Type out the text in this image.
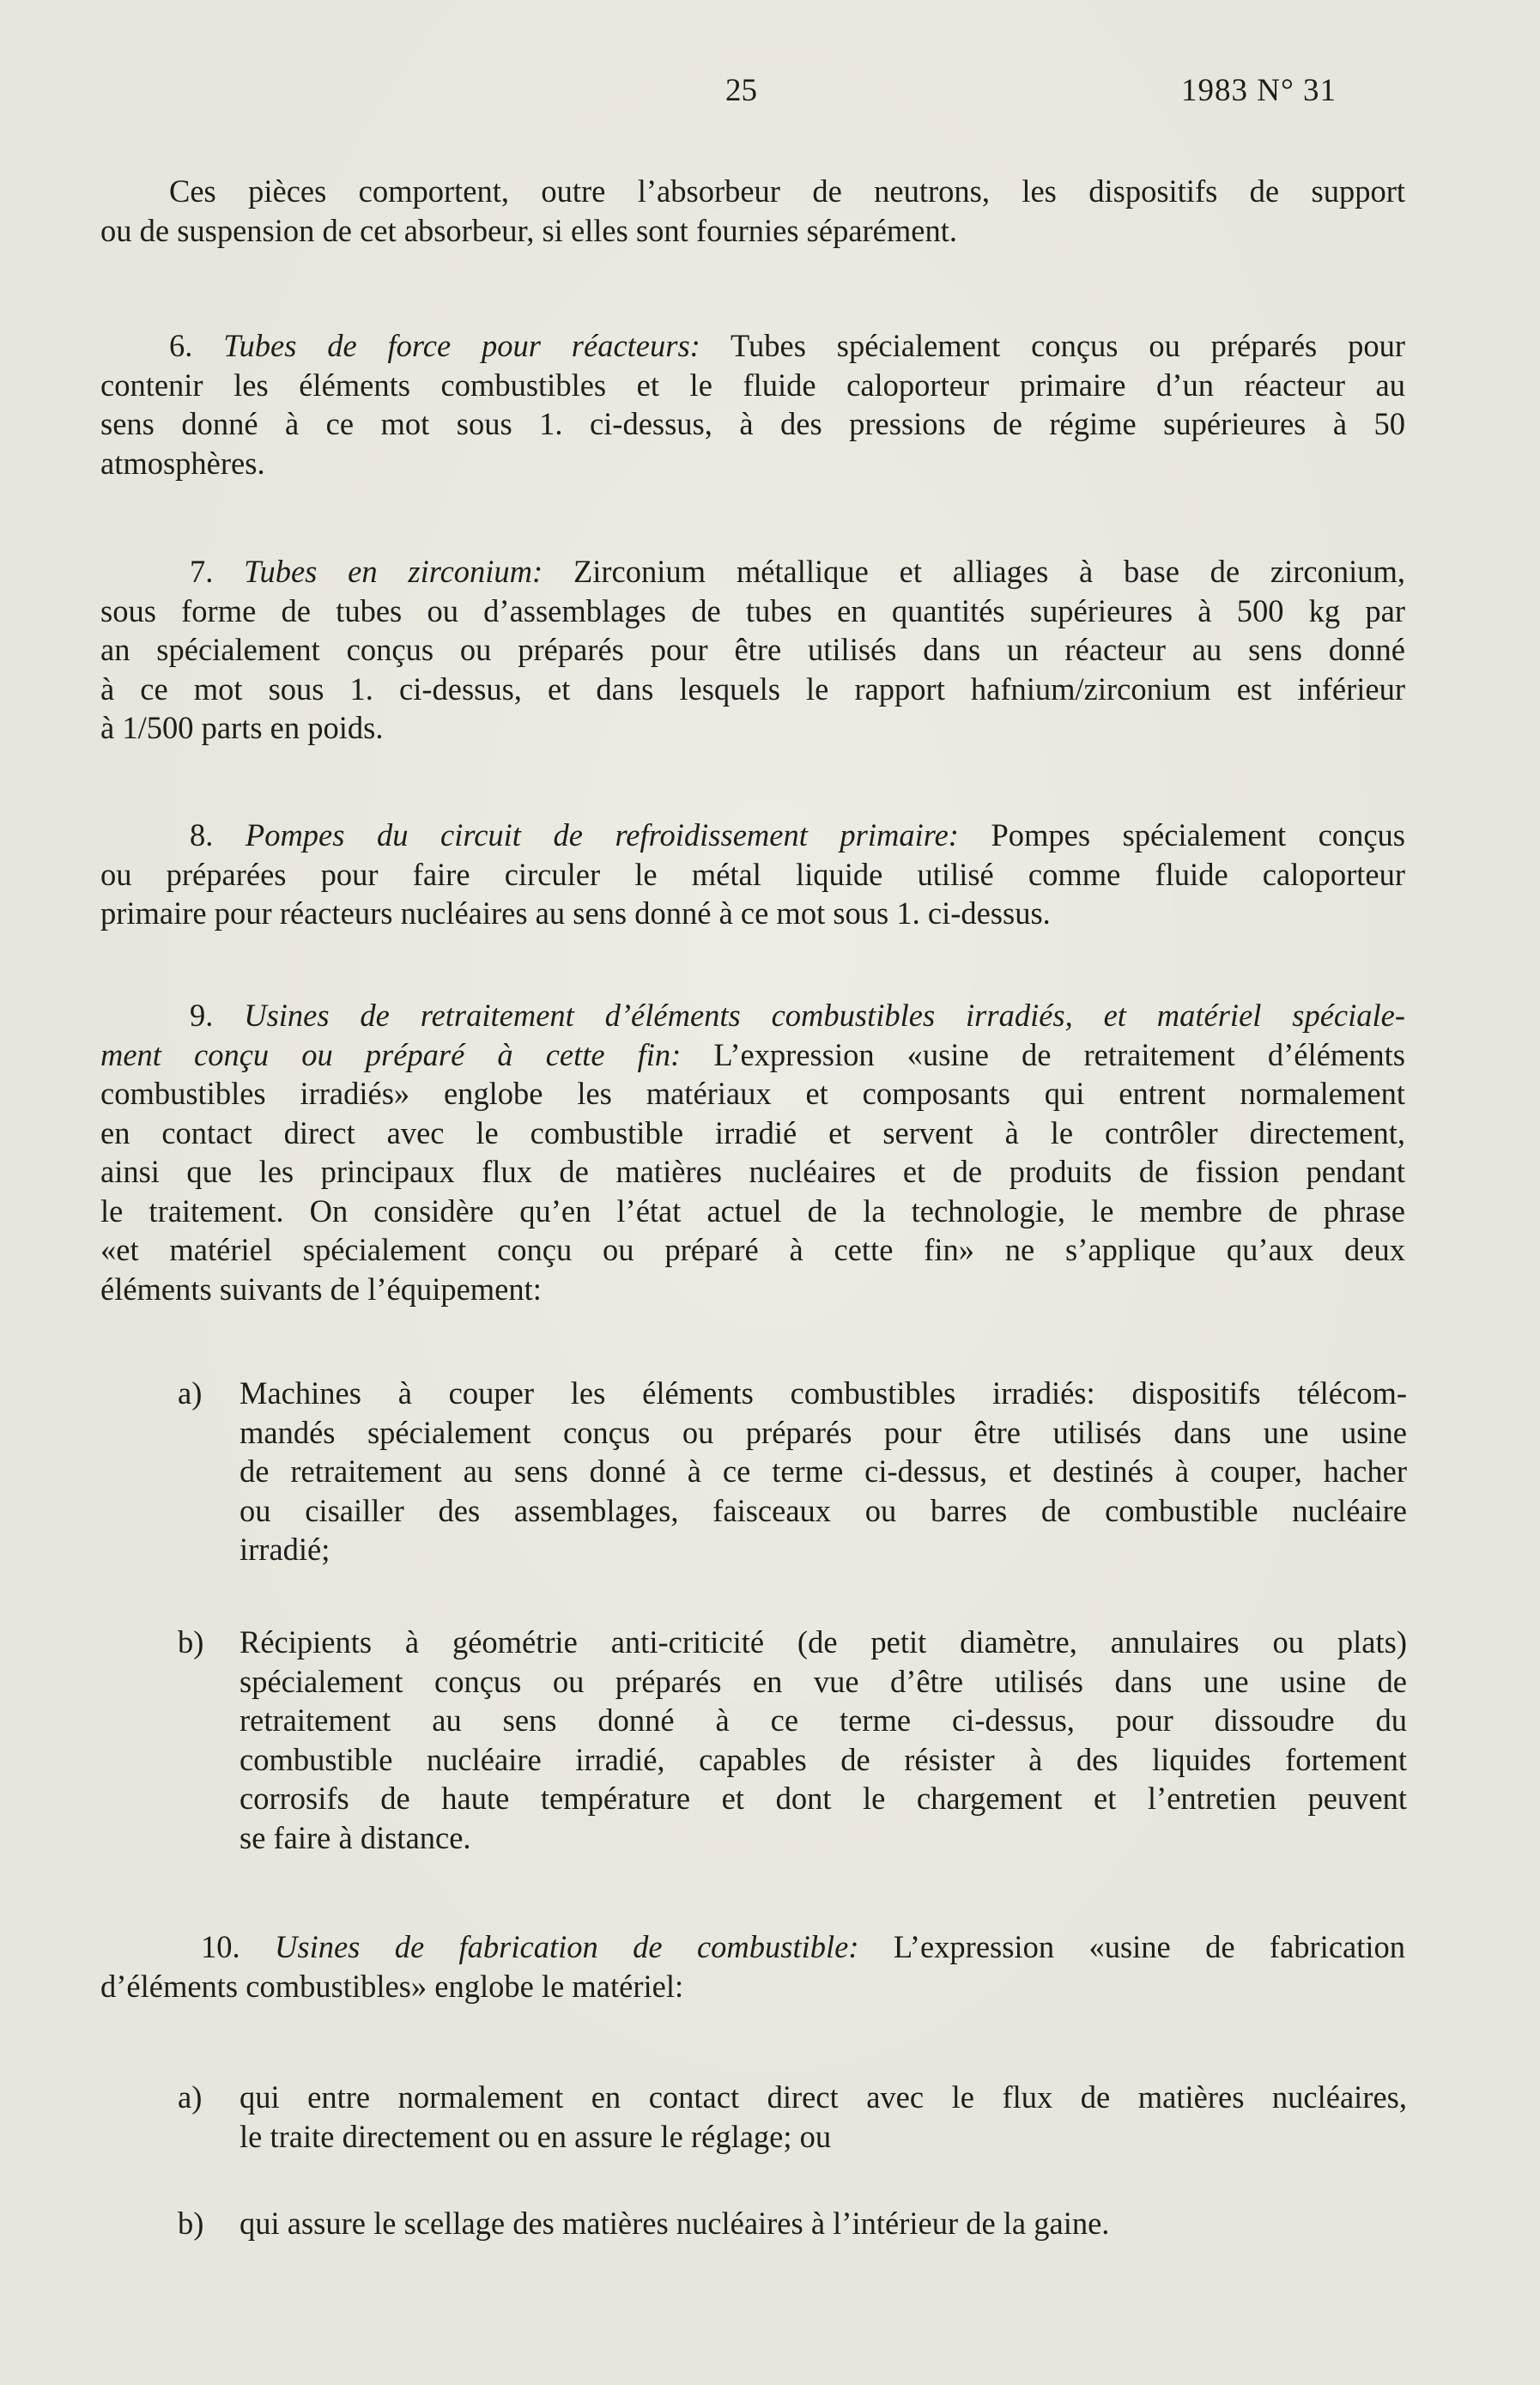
25	1983 N° 31
Ces pièces comportent, outre l’absorbeur de neutrons, les dispositifs de support
ou de suspension de cet absorbeur, si elles sont fournies séparément.
6. Tubes de force pour réacteurs: Tubes spécialement conçus ou préparés pour
contenir les éléments combustibles et le fluide caloporteur primaire d’un réacteur au
sens donné à ce mot sous 1. ci-dessus, à des pressions de régime supérieures à 50
atmosphères.
7. Tubes en zirconium: Zirconium métallique et alliages à base de zirconium,
sous forme de tubes ou d’assemblages de tubes en quantités supérieures à 500 kg par
an spécialement conçus ou préparés pour être utilisés dans un réacteur au sens donné
à ce mot sous 1. ci-dessus, et dans lesquels le rapport hafnium/zirconium est inférieur
à 1/500 parts en poids.
8. Pompes du circuit de refroidissement primaire: Pompes spécialement conçus
ou préparées pour faire circuler le métal liquide utilisé comme fluide caloporteur
primaire pour réacteurs nucléaires au sens donné à ce mot sous 1. ci-dessus.
9. Usines de retraitement d’éléments combustibles irradiés, et matériel spéciale-
ment conçu ou préparé à cette fin: L’expression «usine de retraitement d’éléments
combustibles irradiés» englobe les matériaux et composants qui entrent normalement
en contact direct avec le combustible irradié et servent à le contrôler directement,
ainsi que les principaux flux de matières nucléaires et de produits de fission pendant
le traitement. On considère qu’en l’état actuel de la technologie, le membre de phrase
«et matériel spécialement conçu ou préparé à cette fin» ne s’applique qu’aux deux
éléments suivants de l’équipement:
a) Machines à couper les éléments combustibles irradiés: dispositifs télécom-
mandés spécialement conçus ou préparés pour être utilisés dans une usine
de retraitement au sens donné à ce terme ci-dessus, et destinés à couper, hacher
ou cisailler des assemblages, faisceaux ou barres de combustible nucléaire
irradié;
b) Récipients à géométrie anti-criticité (de petit diamètre, annulaires ou plats)
spécialement conçus ou préparés en vue d’être utilisés dans une usine de
retraitement au sens donné à ce terme ci-dessus, pour dissoudre du
combustible nucléaire irradié, capables de résister à des liquides fortement
corrosifs de haute température et dont le chargement et l’entretien peuvent
se faire à distance.
10. Usines de fabrication de combustible: L’expression «usine de fabrication
d’éléments combustibles» englobe le matériel:
a) qui entre normalement en contact direct avec le flux de matières nucléaires,
le traite directement ou en assure le réglage; ou
b) qui assure le scellage des matières nucléaires à l’intérieur de la gaine.
